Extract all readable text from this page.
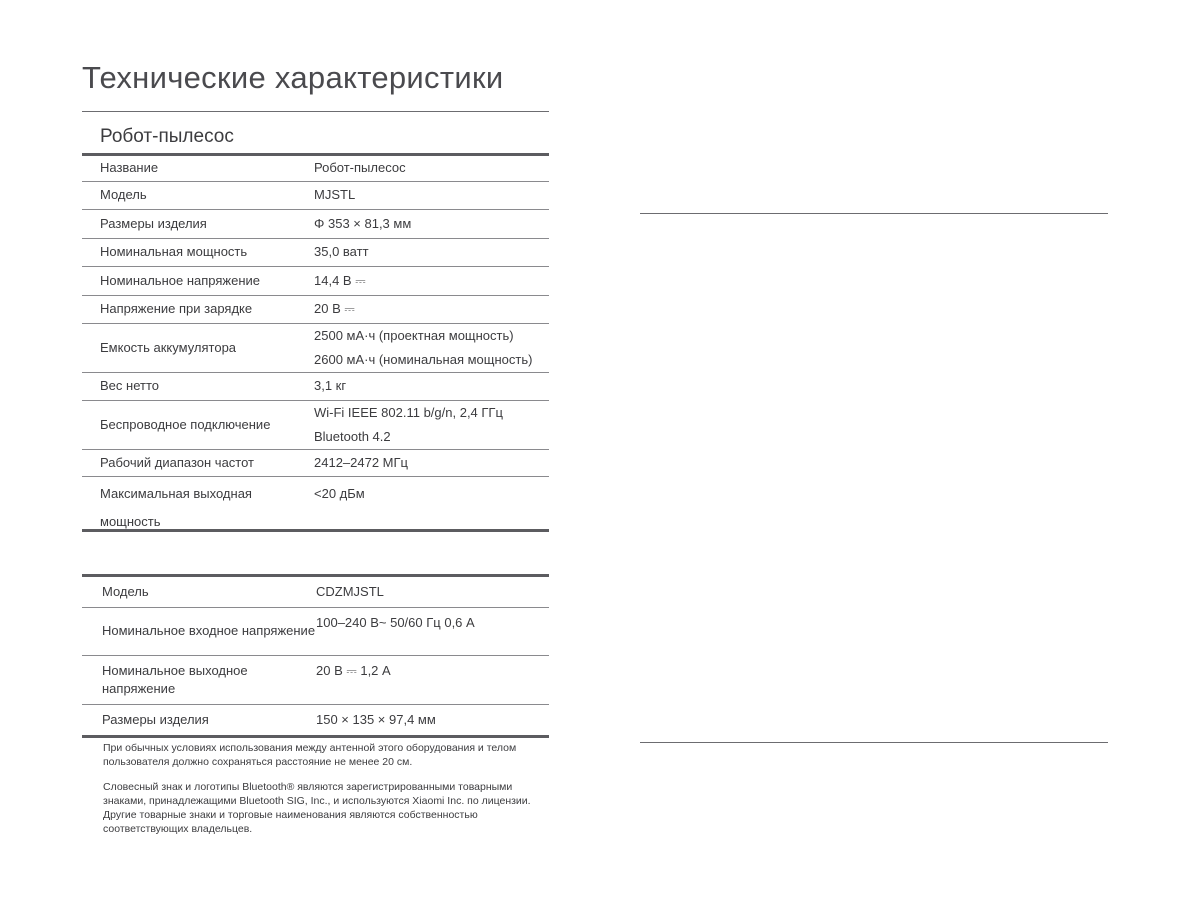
Технические характеристики
Робот-пылесос
Название	Робот-пылесос

Модель	MJSTL

Размеры изделия	Φ 353 × 81,3 мм

Номинальная мощность	35,0 ватт

Номинальное напряжение	14,4 В ⎓

Напряжение при зарядке	20 В ⎓

Емкость аккумулятора	2500 мА·ч (проектная мощность)
2600 мА·ч (номинальная мощность)

Вес нетто	3,1 кг

Беспроводное подключение	Wi-Fi IEEE 802.11 b/g/n, 2,4 ГГц
Bluetooth 4.2

Рабочий диапазон частот	2412–2472 МГц

Максимальная выходная мощность	<20 дБм
Модель	CDZMJSTL

Номинальное входное напряжение	100–240 В~ 50/60 Гц 0,6 А

Номинальное выходное напряжение	20 В ⎓ 1,2 А

Размеры изделия	150 × 135 × 97,4 мм
При обычных условиях использования между антенной этого оборудования и телом пользователя должно сохраняться расстояние не менее 20 см.
Словесный знак и логотипы Bluetooth® являются зарегистрированными товарными знаками, принадлежащими Bluetooth SIG, Inc., и используются Xiaomi Inc. по лицензии. Другие товарные знаки и торговые наименования являются собственностью соответствующих владельцев.
